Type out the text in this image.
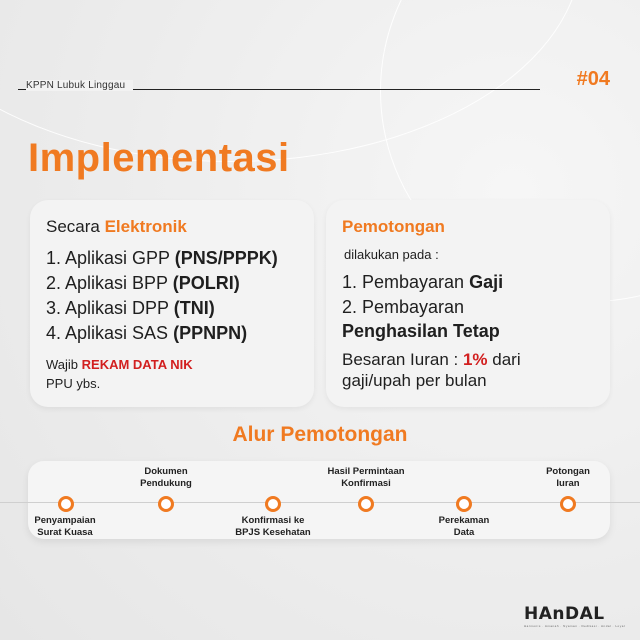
KPPN Lubuk Linggau	#04
Implementasi
Secara Elektronik
1. Aplikasi GPP (PNS/PPPK)
2. Aplikasi BPP (POLRI)
3. Aplikasi DPP (TNI)
4. Aplikasi SAS (PPNPN)
Wajib REKAM DATA NIK
PPU ybs.
Pemotongan
dilakukan pada :
1. Pembayaran Gaji
2. Pembayaran
Penghasilan Tetap
Besaran Iuran : 1% dari
gaji/upah per bulan
Alur Pemotongan
Penyampaian
Surat Kuasa
Dokumen
Pendukung
Konfirmasi ke
BPJS Kesehatan
Hasil Permintaan
Konfirmasi
Perekaman
Data
Potongan
Iuran
HAnDAL
Harmonis · Amanah · Nyaman · Dedikasi · Andal · Loyal
